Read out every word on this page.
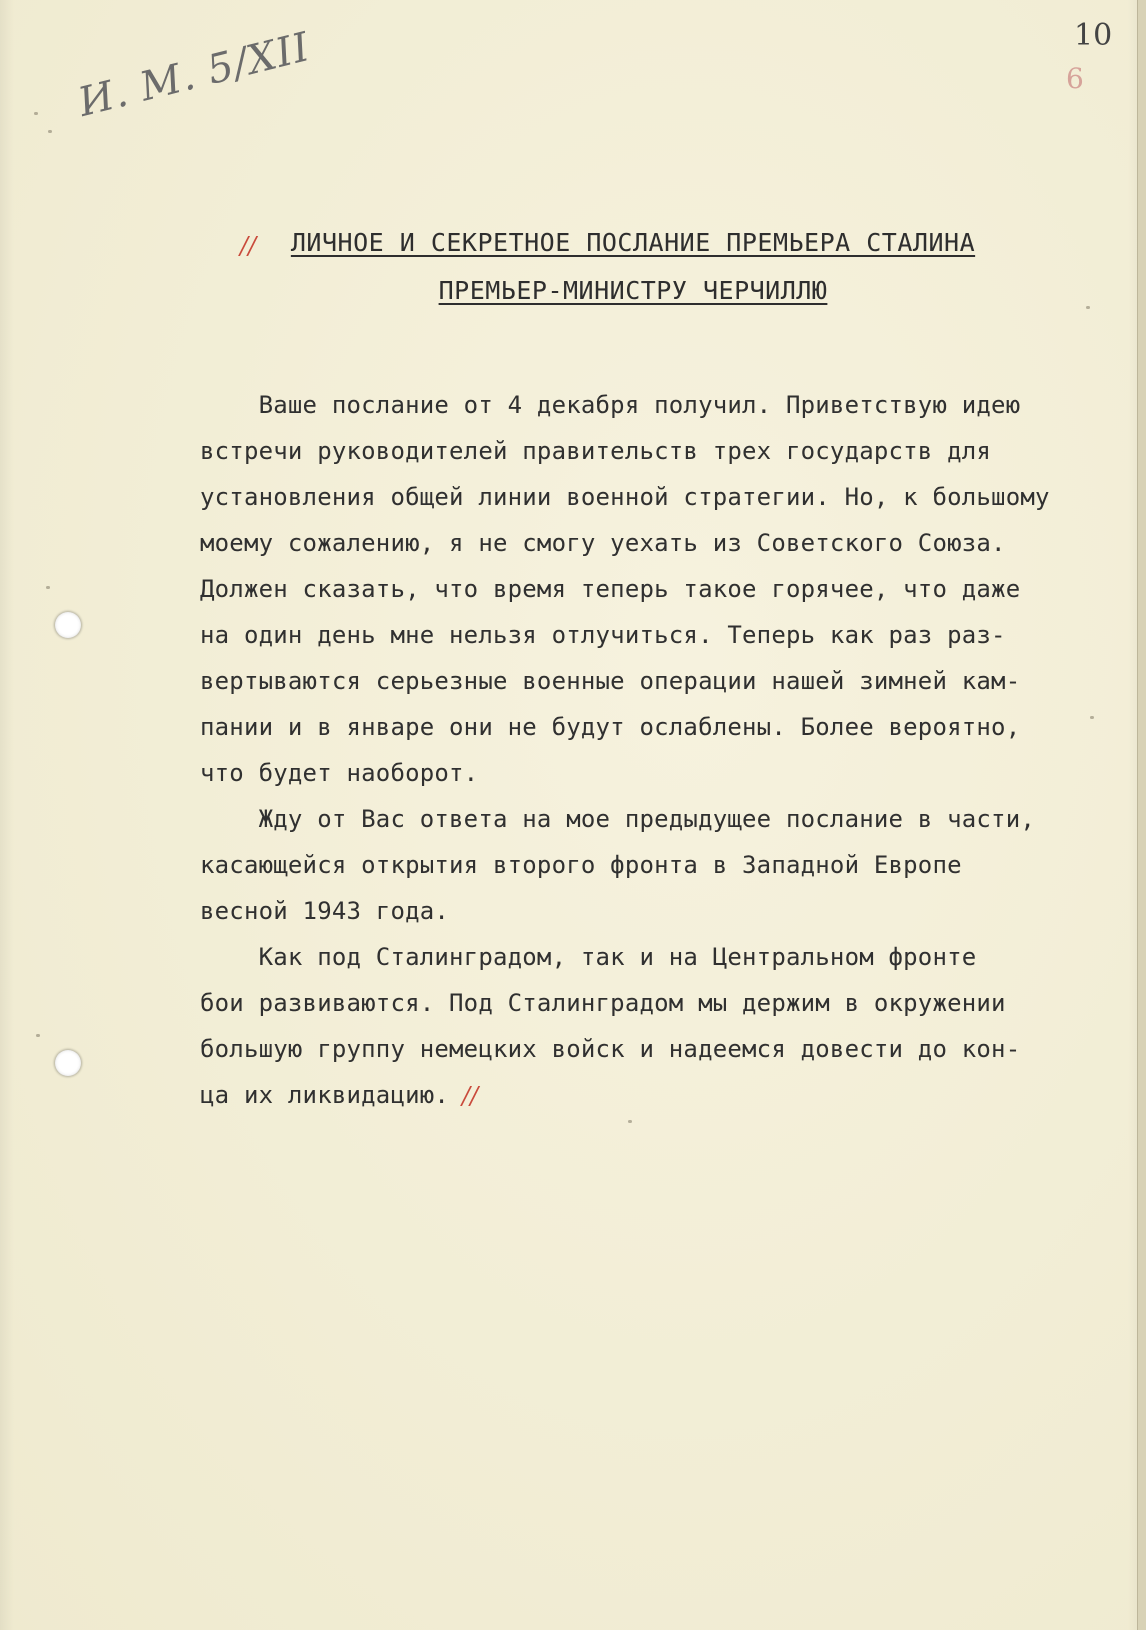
И. М. 5/XII	10
6
//	ЛИЧНОЕ И СЕКРЕТНОЕ ПОСЛАНИЕ ПРЕМЬЕРА СТАЛИНА
ПРЕМЬЕР-МИНИСТРУ ЧЕРЧИЛЛЮ
Ваше послание от 4 декабря получил. Приветствую идею
встречи руководителей правительств трех государств для
установления общей линии военной стратегии. Но, к большому
моему сожалению, я не смогу уехать из Советского Союза.
Должен сказать, что время теперь такое горячее, что даже
на один день мне нельзя отлучиться. Теперь как раз раз-
вертываются серьезные военные операции нашей зимней кам-
пании и в январе они не будут ослаблены. Более вероятно,
что будет наоборот.
Жду от Вас ответа на мое предыдущее послание в части,
касающейся открытия второго фронта в Западной Европе
весной 1943 года.
Как под Сталинградом, так и на Центральном фронте
бои развиваются. Под Сталинградом мы держим в окружении
большую группу немецких войск и надеемся довести до кон-
ца их ликвидацию. //
